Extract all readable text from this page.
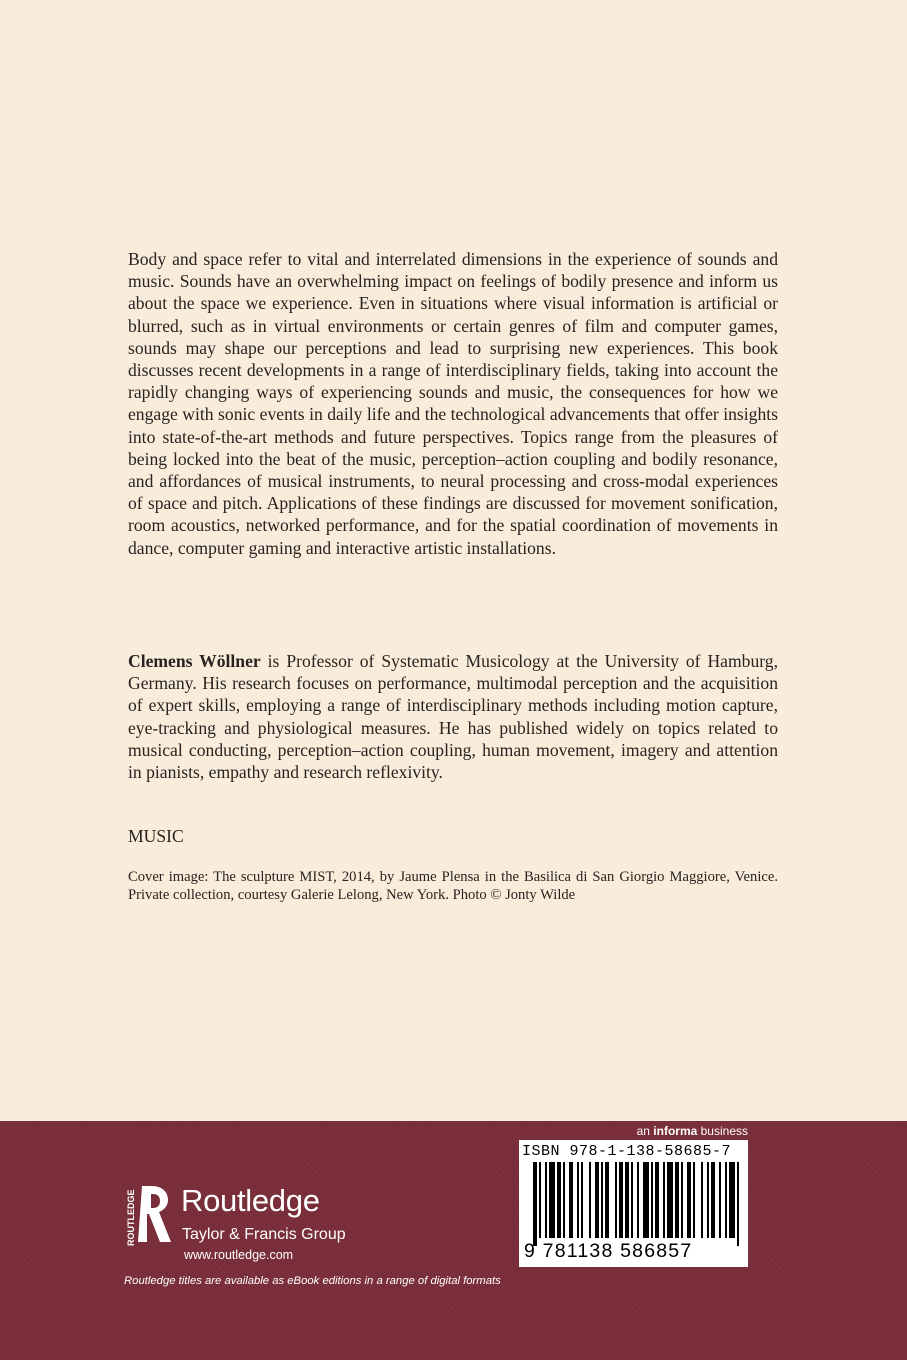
Body and space refer to vital and interrelated dimensions in the experience of sounds and music. Sounds have an overwhelming impact on feelings of bodily presence and inform us about the space we experience. Even in situations where visual information is artificial or blurred, such as in virtual environments or certain genres of film and computer games, sounds may shape our perceptions and lead to surprising new experiences. This book discusses recent developments in a range of interdisciplinary fields, taking into account the rapidly changing ways of experiencing sounds and music, the consequences for how we engage with sonic events in daily life and the technological advancements that offer insights into state-of-the-art methods and future perspectives. Topics range from the pleasures of being locked into the beat of the music, perception–action coupling and bodily resonance, and affordances of musical instruments, to neural processing and cross-modal experiences of space and pitch. Applications of these findings are discussed for movement sonification, room acoustics, networked performance, and for the spatial coordination of movements in dance, computer gaming and interactive artistic installations.

Clemens Wöllner is Professor of Systematic Musicology at the University of Hamburg, Germany. His research focuses on performance, multimodal perception and the acquisition of expert skills, employing a range of interdisciplinary methods including motion capture, eye-tracking and physiological measures. He has published widely on topics related to musical conducting, perception–action coupling, human movement, imagery and attention in pianists, empathy and research reflexivity.

MUSIC

Cover image: The sculpture MIST, 2014, by Jaume Plensa in the Basilica di San Giorgio Maggiore, Venice. Private collection, courtesy Galerie Lelong, New York. Photo © Jonty Wilde

an informa business
ISBN 978-1-138-58685-7
9 781138 586857
ROUTLEDGE Routledge
Taylor & Francis Group
www.routledge.com
Routledge titles are available as eBook editions in a range of digital formats
